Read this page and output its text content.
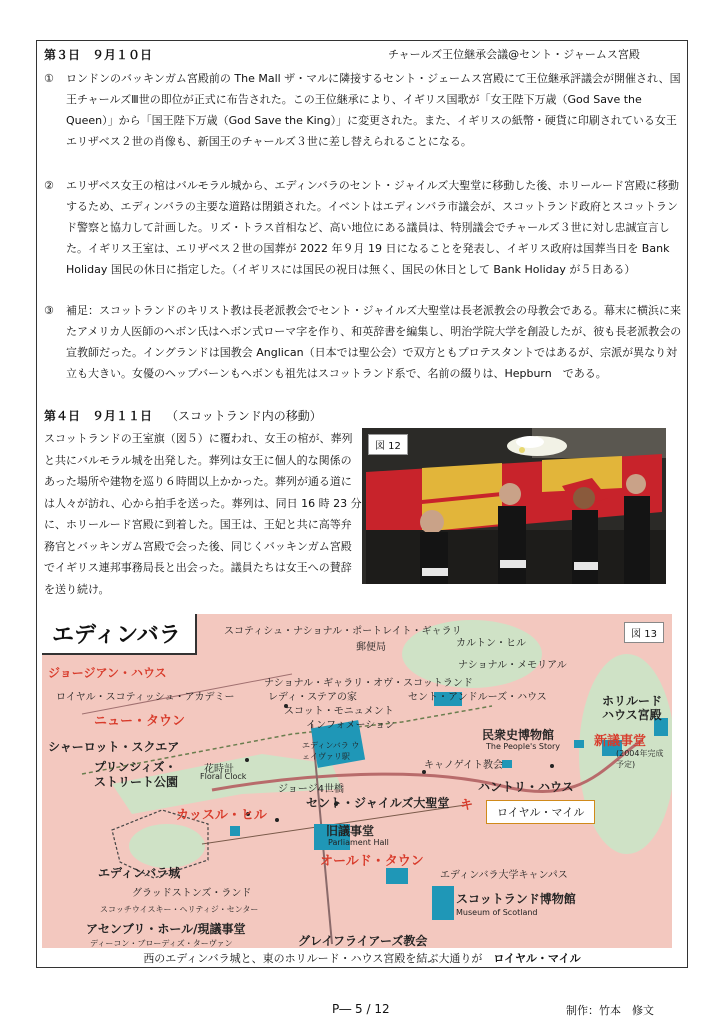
第３日　９月１０日	チャールズ王位継承会議@セント・ジャームス宮殿
①	ロンドンのバッキンガム宮殿前の The Mall ザ・マルに隣接するセント・ジェームス宮殿にて王位継承評議会が開催され、国王チャールズⅢ世の即位が正式に布告された。この王位継承により、イギリス国歌が「女王陛下万歳（God Save the Queen）」から「国王陛下万歳（God Save the King）」に変更された。また、イギリスの紙幣・硬貨に印刷されている女王エリザベス２世の肖像も、新国王のチャールズ３世に差し替えられることになる。
②	エリザベス女王の棺はバルモラル城から、エディンバラのセント・ジャイルズ大聖堂に移動した後、ホリールード宮殿に移動するため、エディンバラの主要な道路は閉鎖された。イベントはエディンバラ市議会が、スコットランド政府とスコットランド警察と協力して計画した。リズ・トラス首相など、高い地位にある議員は、特別議会でチャールズ３世に対し忠誠宣言した。イギリス王室は、エリザベス２世の国葬が 2022 年９月 19 日になることを発表し、イギリス政府は国葬当日を Bank Holiday 国民の休日に指定した。（イギリスには国民の祝日は無く、国民の休日として Bank Holiday が５日ある）
③	補足：スコットランドのキリスト教は長老派教会でセント・ジャイルズ大聖堂は長老派教会の母教会である。幕末に横浜に来たアメリカ人医師のヘボン氏はヘボン式ローマ字を作り、和英辞書を編集し、明治学院大学を創設したが、彼も長老派教会の宣教師だった。イングランドは国教会 Anglican（日本では聖公会）で双方ともプロテスタントではあるが、宗派が異なり対立も大きい。女優のヘップバーンもヘボンも祖先はスコットランド系で、名前の綴りは、Hepburn　である。
第４日　９月１１日 （スコットランド内の移動）
スコットランドの王室旗（図５）に覆われ、女王の棺が、葬列と共にバルモラル城を出発した。葬列は女王に個人的な関係のあった場所や建物を巡り６時間以上かかった。葬列が通る道には人々が訪れ、心から拍手を送った。葬列は、同日 16 時 23 分に、ホリールード宮殿に到着した。国王は、王妃と共に高等弁務官とバッキンガム宮殿で会った後、同じくバッキンガム宮殿でイギリス連邦事務局長と出会った。議員たちは女王への賛辞を送り続け。
図 12
エディンバラ	図 13
スコティシュ・ナショナル・ポートレイト・ギャラリ
郵便局	カルトン・ヒル
ナショナル・メモリアル
ジョージアン・ハウス
ロイヤル・スコティッシュ・アカデミー
ナショナル・ギャラリ・オヴ・スコットランド
レディ・ステアの家
スコット・モニュメント
セント・アンドルーズ・ハウス
ニュー・タウン	インフォメーション
シャーロット・スクエア	エディンバラ ウェイヴァリ駅
民衆史博物館
The People's Story
ホリルード ハウス宮殿
新議事堂
(2004年完成予定)
プリンシィズ・ストリート公園
花時計
Floral Clock
キャノゲイト教会
ハントリ・ハウス
ジョージ4世橋
セント・ジャイルズ大聖堂
カッスル・ヒル
旧議事堂
Parliament Hall
オールド・タウン
エディンバラ城
グラッドストンズ・ランド
スコッチウイスキー・ヘリティジ・センター
エディンバラ大学キャンパス
スコットランド博物館
Museum of Scotland
アセンブリ・ホール/現議事堂
ディーコン・ブローディズ・ターヴァン	グレイフライアーズ教会
キ	ロイヤル・マイル
西のエディンバラ城と、東のホリルード・ハウス宮殿を結ぶ大通りが　 ロイヤル・マイル
P― 5 / 12	制作：竹本　修文
